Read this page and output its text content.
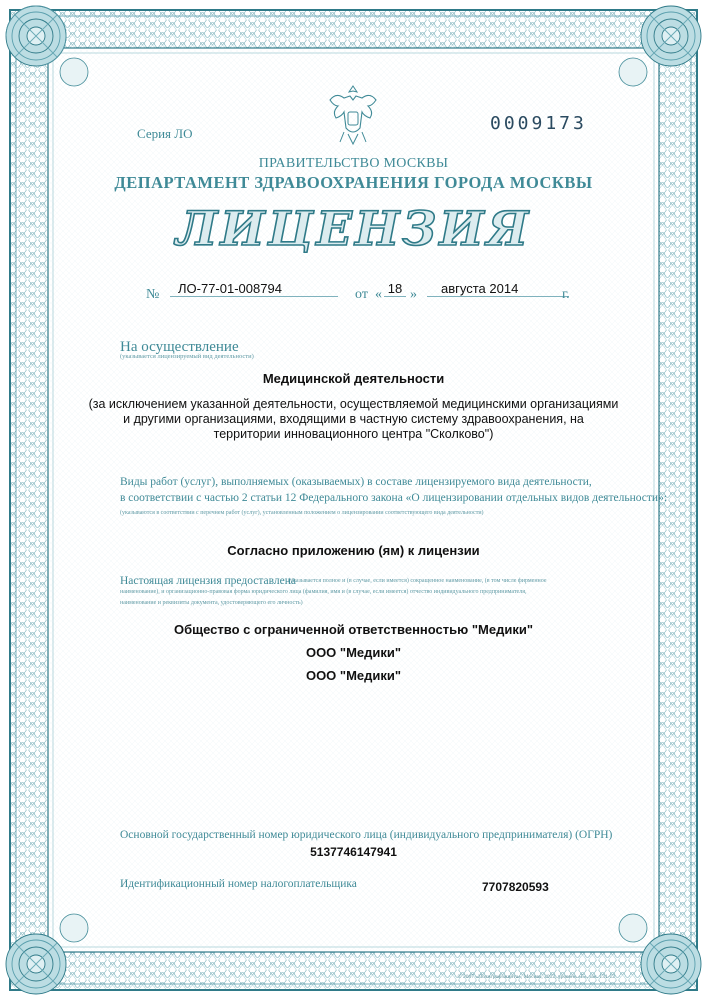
Серия ЛО	0009173
ПРАВИТЕЛЬСТВО МОСКВЫ
ДЕПАРТАМЕНТ ЗДРАВООХРАНЕНИЯ ГОРОДА МОСКВЫ
ЛИЦЕНЗИЯ
№	ЛО-77-01-008794	от « 18 »	августа 2014	г.
На осуществление
(указывается лицензируемый вид деятельности)
Медицинской деятельности
(за исключением указанной деятельности, осуществляемой медицинскими организациями
и другими организациями, входящими в частную систему здравоохранения, на
территории инновационного центра "Сколково")
Виды работ (услуг), выполняемых (оказываемых) в составе лицензируемого вида деятельности,
в соответствии с частью 2 статьи 12 Федерального закона «О лицензировании отдельных видов деятельности»:
(указываются в соответствии с перечнем работ (услуг), установленным положением о лицензировании соответствующего вида деятельности)
Согласно приложению (ям) к лицензии
Настоящая лицензия предоставлена
(указывается полное и (в случае, если имеется) сокращенное наименование, (в том числе фирменное
наименование), и организационно-правовая форма юридического лица (фамилия, имя и (в случае, если имеется) отчество индивидуального предпринимателя,
наименование и реквизиты документа, удостоверяющего его личность)
Общество с ограниченной ответственностью "Медики"
ООО "Медики"
ООО "Медики"
Основной государственный номер юридического лица (индивидуального предпринимателя) (ОГРН)
5137746147941
Идентификационный номер налогоплательщика	7707820593
© 2007 «Полиграфзащита», Москва, 2012, уровень «Б», зак. 131-12
